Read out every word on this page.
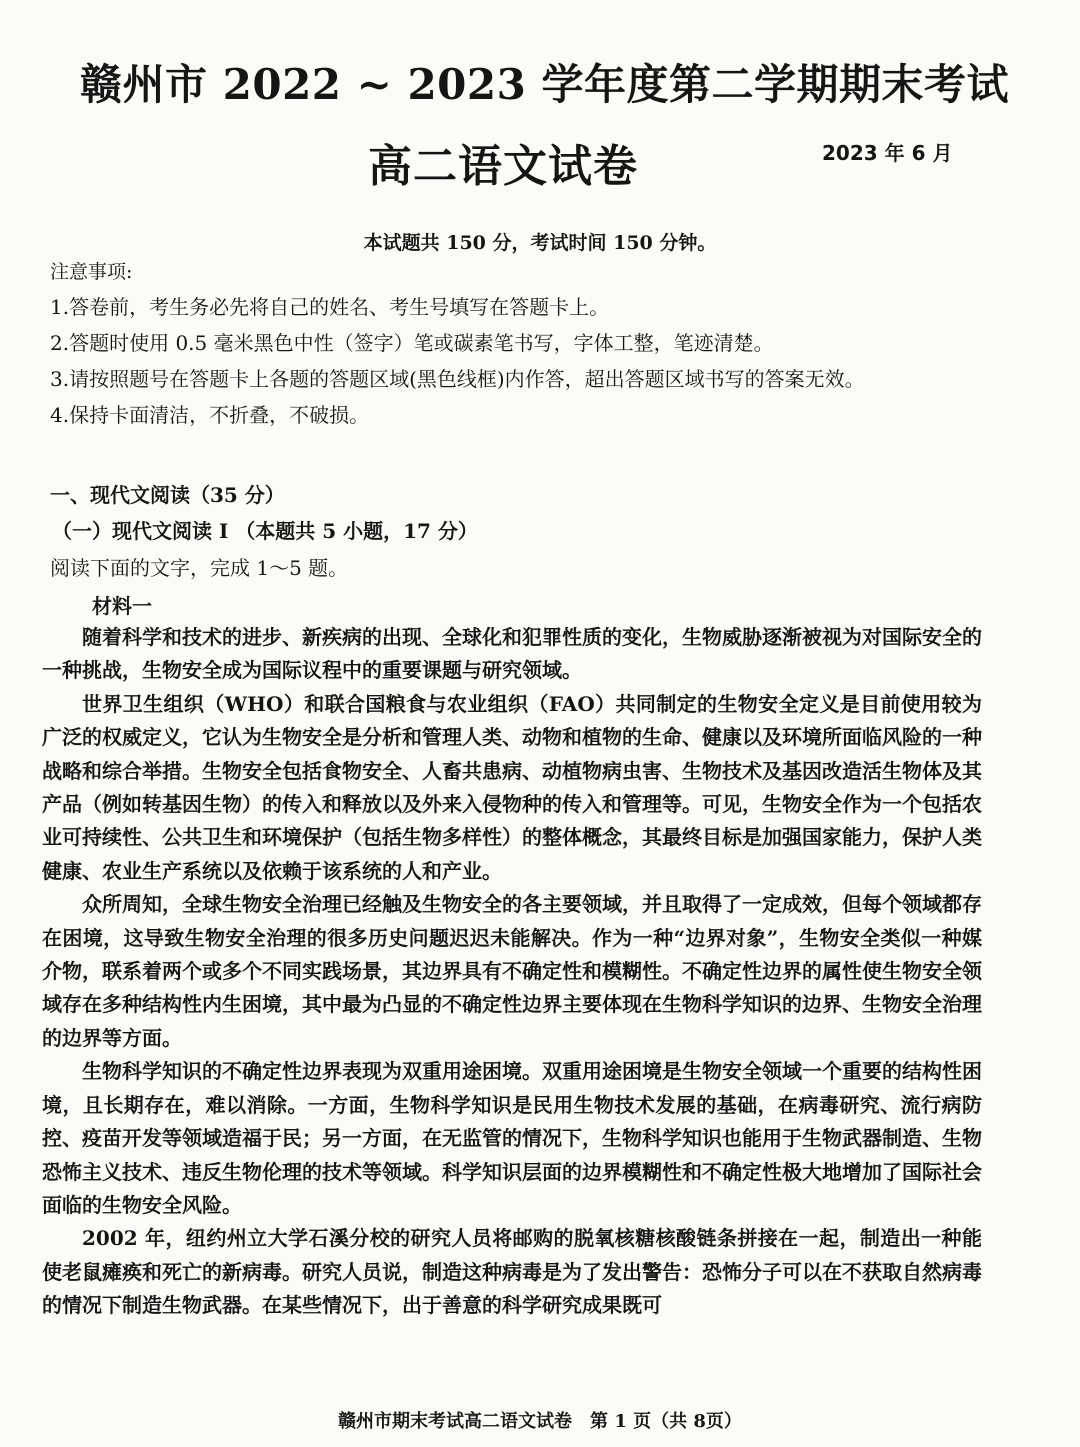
赣州市 2022 ~ 2023 学年度第二学期期末考试
高二语文试卷	2023 年 6 月
本试题共 150 分，考试时间 150 分钟。
注意事项:
1.答卷前，考生务必先将自己的姓名、考生号填写在答题卡上。
2.答题时使用 0.5 毫米黑色中性（签字）笔或碳素笔书写，字体工整，笔迹清楚。
3.请按照题号在答题卡上各题的答题区域(黑色线框)内作答，超出答题区域书写的答案无效。
4.保持卡面清洁，不折叠，不破损。
一、现代文阅读（35 分）
（一）现代文阅读 I （本题共 5 小题，17 分）
阅读下面的文字，完成 1～5 题。
材料一

随着科学和技术的进步、新疾病的出现、全球化和犯罪性质的变化，生物威胁逐渐被视为对国际安全的一种挑战，生物安全成为国际议程中的重要课题与研究领域。

世界卫生组织（WHO）和联合国粮食与农业组织（FAO）共同制定的生物安全定义是目前使用较为广泛的权威定义，它认为生物安全是分析和管理人类、动物和植物的生命、健康以及环境所面临风险的一种战略和综合举措。生物安全包括食物安全、人畜共患病、动植物病虫害、生物技术及基因改造活生物体及其产品（例如转基因生物）的传入和释放以及外来入侵物种的传入和管理等。可见，生物安全作为一个包括农业可持续性、公共卫生和环境保护（包括生物多样性）的整体概念，其最终目标是加强国家能力，保护人类健康、农业生产系统以及依赖于该系统的人和产业。

众所周知，全球生物安全治理已经触及生物安全的各主要领域，并且取得了一定成效，但每个领域都存在困境，这导致生物安全治理的很多历史问题迟迟未能解决。作为一种“边界对象”，生物安全类似一种媒介物，联系着两个或多个不同实践场景，其边界具有不确定性和模糊性。不确定性边界的属性使生物安全领域存在多种结构性内生困境，其中最为凸显的不确定性边界主要体现在生物科学知识的边界、生物安全治理的边界等方面。

生物科学知识的不确定性边界表现为双重用途困境。双重用途困境是生物安全领域一个重要的结构性困境，且长期存在，难以消除。一方面，生物科学知识是民用生物技术发展的基础，在病毒研究、流行病防控、疫苗开发等领域造福于民；另一方面，在无监管的情况下，生物科学知识也能用于生物武器制造、生物恐怖主义技术、违反生物伦理的技术等领域。科学知识层面的边界模糊性和不确定性极大地增加了国际社会面临的生物安全风险。

2002 年，纽约州立大学石溪分校的研究人员将邮购的脱氧核糖核酸链条拼接在一起，制造出一种能使老鼠瘫痪和死亡的新病毒。研究人员说，制造这种病毒是为了发出警告：恐怖分子可以在不获取自然病毒的情况下制造生物武器。在某些情况下，出于善意的科学研究成果既可

赣州市期末考试高二语文试卷　第 1 页（共 8页）
